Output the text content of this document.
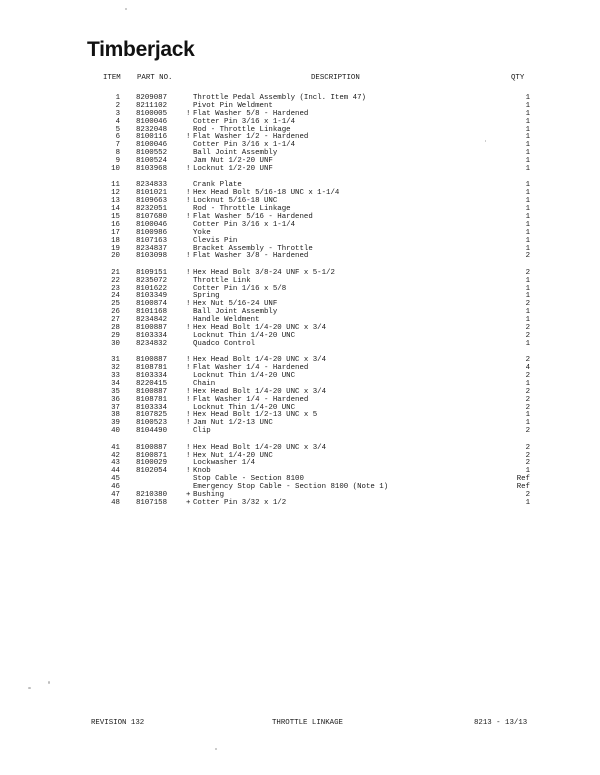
Timberjack
ITEM PART NO.	DESCRIPTION	QTY
1 8209087	Throttle Pedal Assembly (Incl. Item 47)	1
2 8211102	Pivot Pin Weldment	1
3 8100005	! Flat Washer 5/8 - Hardened	1
4 8100046	Cotter Pin 3/16 x 1-1/4	1
5 8232048	Rod - Throttle Linkage	1
6 8100116	! Flat Washer 1/2 - Hardened	1
7 8100046	Cotter Pin 3/16 x 1-1/4	1
8 8100552	Ball Joint Assembly	1
9 8100524	Jam Nut 1/2-20 UNF	1
10 8103968	! Locknut 1/2-20 UNF	1
11 8234833	Crank Plate	1
12 8101021	! Hex Head Bolt 5/16-18 UNC x 1-1/4	1
13 8109663	! Locknut 5/16-18 UNC	1
14 8232051	Rod - Throttle Linkage	1
15 8107680	! Flat Washer 5/16 - Hardened	1
16 8100046	Cotter Pin 3/16 x 1-1/4	1
17 8100986	Yoke	1
18 8107163	Clevis Pin	1
19 8234837	Bracket Assembly - Throttle	1
20 8103098	! Flat Washer 3/8 - Hardened	2
21 8109151	! Hex Head Bolt 3/8-24 UNF x 5-1/2	2
22 8235072	Throttle Link	1
23 8101622	Cotter Pin 1/16 x 5/8	1
24 8103349	Spring	1
25 8100874	! Hex Nut 5/16-24 UNF	2
26 8101168	Ball Joint Assembly	1
27 8234842	Handle Weldment	1
28 8100887	! Hex Head Bolt 1/4-20 UNC x 3/4	2
29 8103334	Locknut Thin 1/4-20 UNC	2
30 8234832	Quadco Control	1
31 8100887	! Hex Head Bolt 1/4-20 UNC x 3/4	2
32 8108781	! Flat Washer 1/4 - Hardened	4
33 8103334	Locknut Thin 1/4-20 UNC	2
34 8220415	Chain	1
35 8100887	! Hex Head Bolt 1/4-20 UNC x 3/4	2
36 8108781	! Flat Washer 1/4 - Hardened	2
37 8103334	Locknut Thin 1/4-20 UNC	2
38 8107825	! Hex Head Bolt 1/2-13 UNC x 5	1
39 8100523	! Jam Nut 1/2-13 UNC	1
40 8104490	Clip	2
41 8100887	! Hex Head Bolt 1/4-20 UNC x 3/4	2
42 8100871	! Hex Nut 1/4-20 UNC	2
43 8100029	Lockwasher 1/4	2
44 8102054	! Knob	1
45	Stop Cable - Section 8100	Ref
46	Emergency Stop Cable - Section 8100 (Note 1)	Ref
47 8210380	+ Bushing	2
48 8107158	+ Cotter Pin 3/32 x 1/2	1
REVISION 132	THROTTLE LINKAGE	8213 - 13/13
